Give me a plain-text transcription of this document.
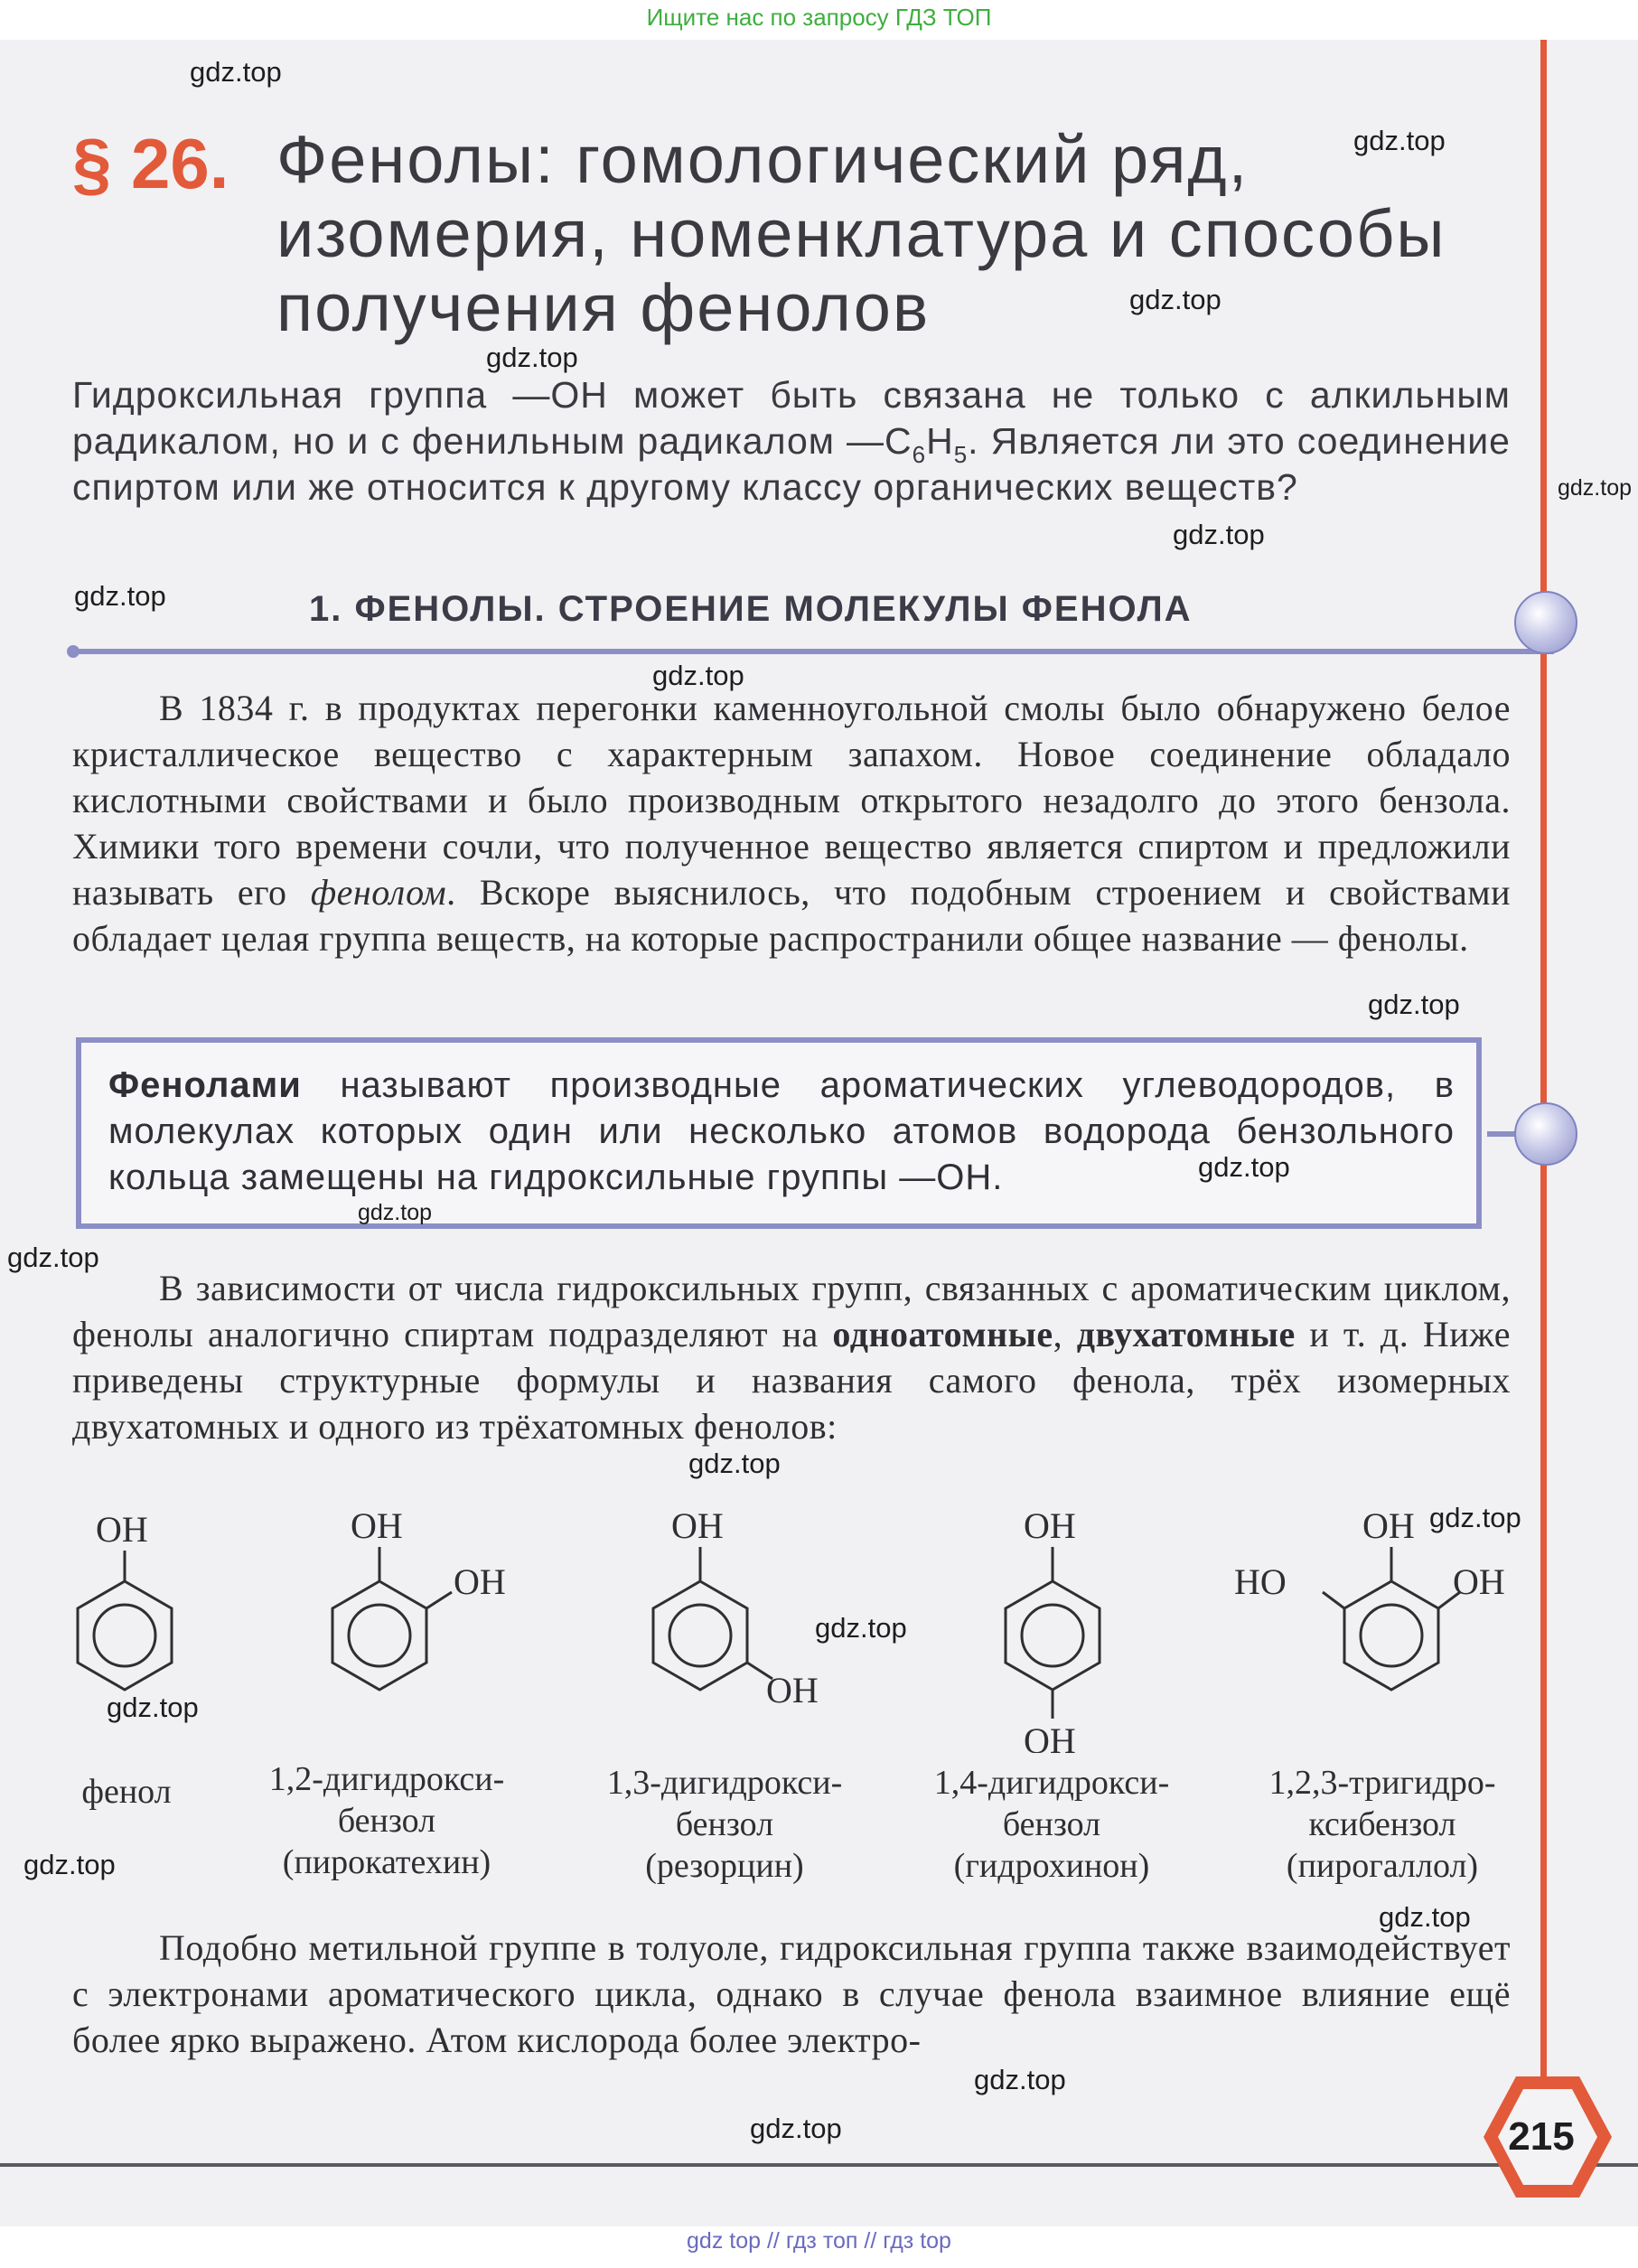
Ищите нас по запросу ГДЗ ТОП
§ 26. Фенолы: гомологический ряд,
изомерия, номенклатура и способы
получения фенолов
Гидроксильная группа —OH может быть связана не только с алкильным радикалом, но и с фенильным радикалом $—C_6H_5$. Является ли это соединение спиртом или же относится к другому классу органических веществ?
1. ФЕНОЛЫ. СТРОЕНИЕ МОЛЕКУЛЫ ФЕНОЛА
В 1834 г. в продуктах перегонки каменноугольной смолы было обнаружено белое кристаллическое вещество с характерным запахом. Новое соединение обладало кислотными свойствами и было производным открытого незадолго до этого бензола. Химики того времени сочли, что полученное вещество является спиртом и предложили называть его фенолом. Вскоре выяснилось, что подобным строением и свойствами обладает целая группа веществ, на которые распространили общее название — фенолы.
Фенолами называют производные ароматических углеводородов, в молекулах которых один или несколько атомов водорода бензольного кольца замещены на гидроксильные группы —OH.
В зависимости от числа гидроксильных групп, связанных с ароматическим циклом, фенолы аналогично спиртам подразделяют на одноатомные, двухатомные и т. д. Ниже приведены структурные формулы и названия самого фенола, трёх изомерных двухатомных и одного из трёхатомных фенолов:
OH	OH
OH
OH
OH
OH
OH
OH
OH
HO
фенол	1,2-дигидрокси-
бензол
(пирокатехин)
1,3-дигидрокси-
бензол
(резорцин)
1,4-дигидрокси-
бензол
(гидрохинон)
1,2,3-тригидро-
ксибензол
(пирогаллол)
Подобно метильной группе в толуоле, гидроксильная группа также взаимодействует с электронами ароматического цикла, однако в случае фенола взаимное влияние ещё более ярко выражено. Атом кислорода более электро-
215
gdz.top
gdz.top
gdz.top
gdz.top
gdz.top
gdz.top
gdz.top
gdz.top
gdz.top
gdz.top
gdz.top
gdz.top
gdz.top
gdz.top
gdz.top
gdz.top
gdz.top
gdz.top
gdz.top
gdz.top
gdz top // гдз топ // гдз top
